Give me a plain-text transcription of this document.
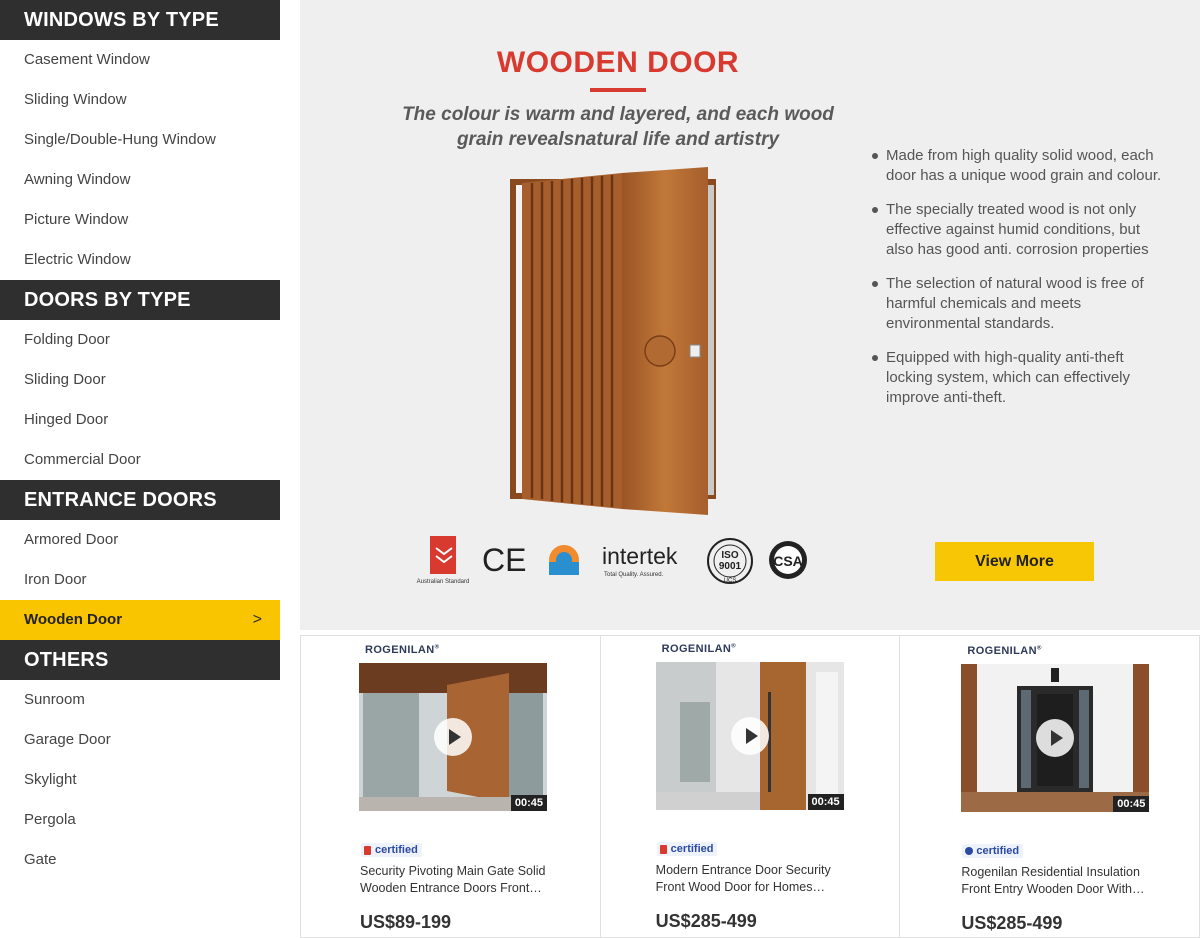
WINDOWS BY TYPE
Casement Window
Sliding Window
Single/Double-Hung Window
Awning Window
Picture Window
Electric Window
DOORS BY TYPE
Folding Door
Sliding Door
Hinged Door
Commercial Door
ENTRANCE DOORS
Armored Door
Iron Door
Wooden Door	>
OTHERS
Sunroom
Garage Door
Skylight
Pergola
Gate
WOODEN DOOR

The colour is warm and layered, and each wood grain revealsnatural life and artistry

Made from high quality solid wood, each door has a unique wood grain and colour.
The specially treated wood is not only effective against humid conditions, but also has good anti. corrosion properties
The selection of natural wood is free of harmful chemicals and meets environmental standards.
Equipped with high-quality anti-theft locking system, which can effectively improve anti-theft.
Australian Standard
CE	intertek
Total Quality. Assured.
ISO
9001
UCS
CSA	View More
ROGENILAN®
00:45
certified
Security Pivoting Main Gate Solid Wooden Entrance Doors Front…
US$89-199
ROGENILAN®
00:45
certified
Modern Entrance Door Security Front Wood Door for Homes…
US$285-499
ROGENILAN®
00:45
certified
Rogenilan Residential Insulation Front Entry Wooden Door With…
US$285-499
